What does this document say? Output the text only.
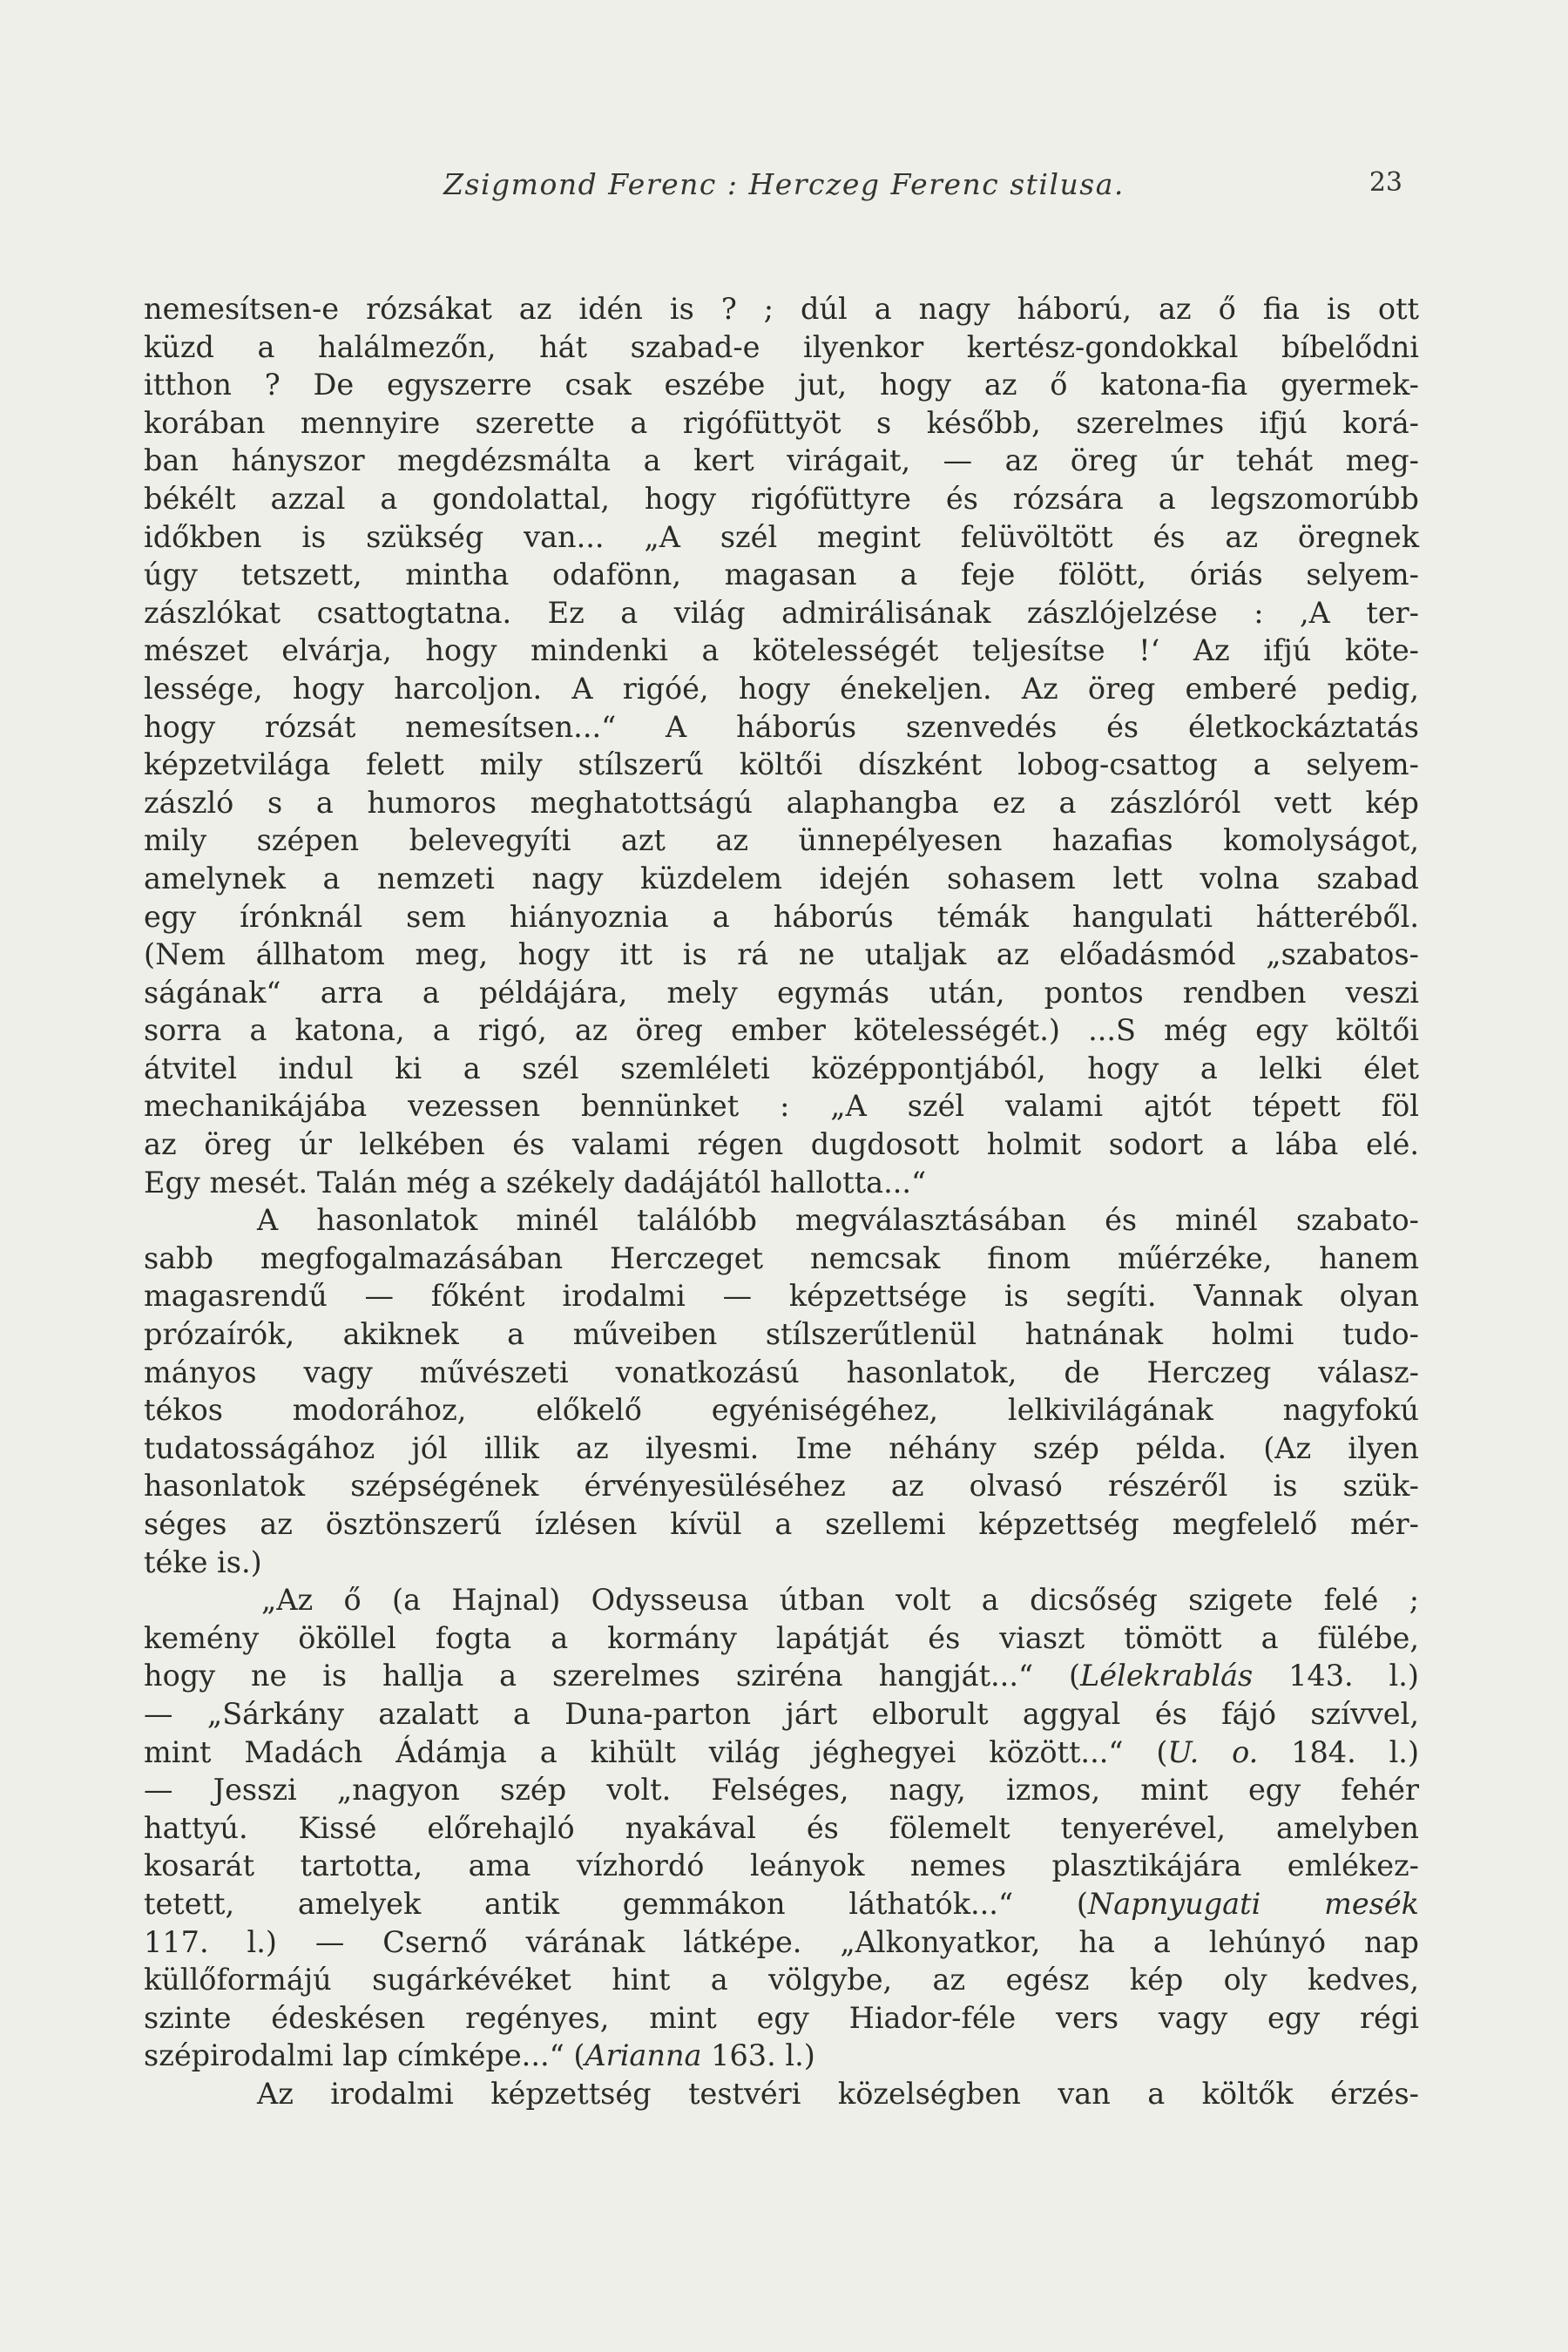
Zsigmond Ferenc : Herczeg Ferenc stilusa.	23
nemesítsen-e rózsákat az idén is ? ; dúl a nagy háború, az ő fia is ott
küzd a halálmezőn, hát szabad-e ilyenkor kertész-gondokkal bíbelődni
itthon ? De egyszerre csak eszébe jut, hogy az ő katona-fia gyermek-
korában mennyire szerette a rigófüttyöt s később, szerelmes ifjú korá-
ban hányszor megdézsmálta a kert virágait, — az öreg úr tehát meg-
békélt azzal a gondolattal, hogy rigófüttyre és rózsára a legszomorúbb
időkben is szükség van... „A szél megint felüvöltött és az öregnek
úgy tetszett, mintha odafönn, magasan a feje fölött, óriás selyem-
zászlókat csattogtatna. Ez a világ admirálisának zászlójelzése : ,A ter-
mészet elvárja, hogy mindenki a kötelességét teljesítse !‘ Az ifjú köte-
lessége, hogy harcoljon. A rigóé, hogy énekeljen. Az öreg emberé pedig,
hogy rózsát nemesítsen...“ A háborús szenvedés és életkockáztatás
képzetvilága felett mily stílszerű költői díszként lobog-csattog a selyem-
zászló s a humoros meghatottságú alaphangba ez a zászlóról vett kép
mily szépen belevegyíti azt az ünnepélyesen hazafias komolyságot,
amelynek a nemzeti nagy küzdelem idején sohasem lett volna szabad
egy írónknál sem hiányoznia a háborús témák hangulati hátteréből.
(Nem állhatom meg, hogy itt is rá ne utaljak az előadásmód „szabatos-
ságának“ arra a példájára, mely egymás után, pontos rendben veszi
sorra a katona, a rigó, az öreg ember kötelességét.) ...S még egy költői
átvitel indul ki a szél szemléleti középpontjából, hogy a lelki élet
mechanikájába vezessen bennünket : „A szél valami ajtót tépett föl
az öreg úr lelkében és valami régen dugdosott holmit sodort a lába elé.
Egy mesét. Talán még a székely dadájától hallotta...“
A hasonlatok minél találóbb megválasztásában és minél szabato-
sabb megfogalmazásában Herczeget nemcsak finom műérzéke, hanem
magasrendű — főként irodalmi — képzettsége is segíti. Vannak olyan
prózaírók, akiknek a műveiben stílszerűtlenül hatnának holmi tudo-
mányos vagy művészeti vonatkozású hasonlatok, de Herczeg válasz-
tékos modorához, előkelő egyéniségéhez, lelkivilágának nagyfokú
tudatosságához jól illik az ilyesmi. Ime néhány szép példa. (Az ilyen
hasonlatok szépségének érvényesüléséhez az olvasó részéről is szük-
séges az ösztönszerű ízlésen kívül a szellemi képzettség megfelelő mér-
téke is.)
„Az ő (a Hajnal) Odysseusa útban volt a dicsőség szigete felé ;
kemény ököllel fogta a kormány lapátját és viaszt tömött a fülébe,
hogy ne is hallja a szerelmes sziréna hangját...“ (Lélekrablás 143. l.)
— „Sárkány azalatt a Duna-parton járt elborult aggyal és fájó szívvel,
mint Madách Ádámja a kihült világ jéghegyei között...“ (U. o. 184. l.)
— Jesszi „nagyon szép volt. Felséges, nagy, izmos, mint egy fehér
hattyú. Kissé előrehajló nyakával és fölemelt tenyerével, amelyben
kosarát tartotta, ama vízhordó leányok nemes plasztikájára emlékez-
tetett, amelyek antik gemmákon láthatók...“ (Napnyugati mesék
117. l.) — Csernő várának látképe. „Alkonyatkor, ha a lehúnyó nap
küllőformájú sugárkévéket hint a völgybe, az egész kép oly kedves,
szinte édeskésen regényes, mint egy Hiador-féle vers vagy egy régi
szépirodalmi lap címképe...“ (Arianna 163. l.)
Az irodalmi képzettség testvéri közelségben van a költők érzés-
